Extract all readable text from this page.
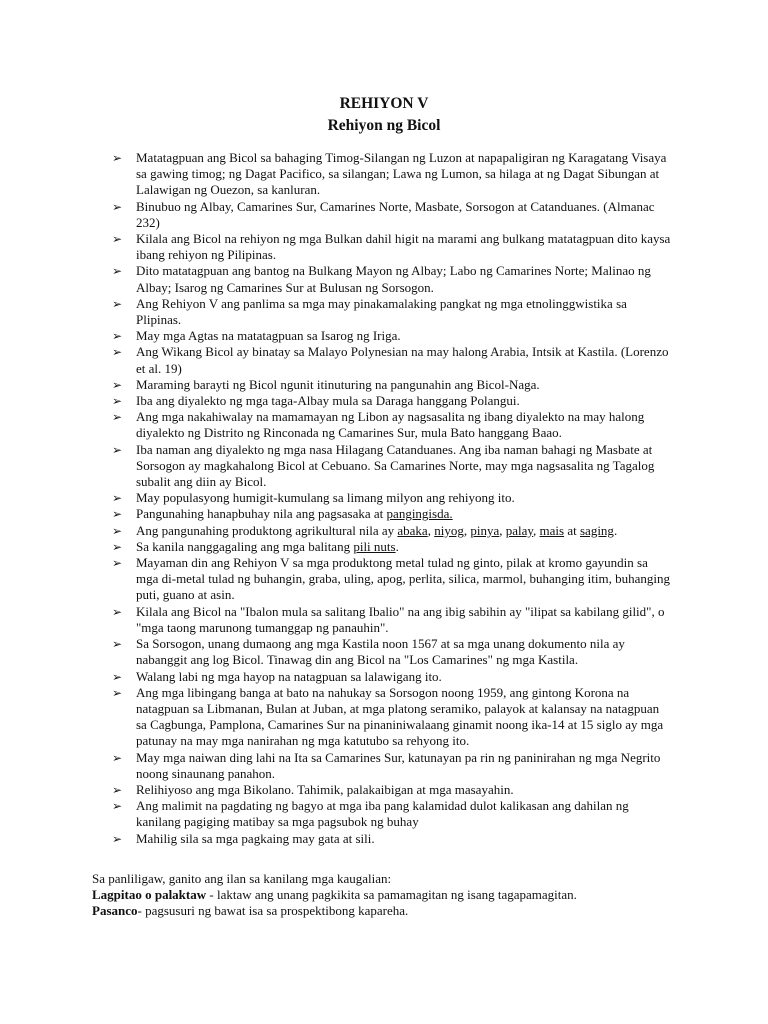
REHIYON V
Rehiyon ng Bicol
➢	Matatagpuan ang Bicol sa bahaging Timog-Silangan ng Luzon at napapaligiran ng Karagatang Visaya sa gawing timog; ng Dagat Pacifico, sa silangan; Lawa ng Lumon, sa hilaga at ng Dagat Sibungan at Lalawigan ng Ouezon, sa kanluran.
➢	Binubuo ng Albay, Camarines Sur, Camarines Norte, Masbate, Sorsogon at Catanduanes. (Almanac 232)
➢	Kilala ang Bicol na rehiyon ng mga Bulkan dahil higit na marami ang bulkang matatagpuan dito kaysa ibang rehiyon ng Pilipinas.
➢	Dito matatagpuan ang bantog na Bulkang Mayon ng Albay; Labo ng Camarines Norte; Malinao ng Albay; Isarog ng Camarines Sur at Bulusan ng Sorsogon.
➢	Ang Rehiyon V ang panlima sa mga may pinakamalaking pangkat ng mga etnolinggwistika sa Plipinas.
➢	May mga Agtas na matatagpuan sa Isarog ng Iriga.
➢	Ang Wikang Bicol ay binatay sa Malayo Polynesian na may halong Arabia, Intsik at Kastila. (Lorenzo et al. 19)
➢	Maraming barayti ng Bicol ngunit itinuturing na pangunahin ang Bicol-Naga.
➢	Iba ang diyalekto ng mga taga-Albay mula sa Daraga hanggang Polangui.
➢	Ang mga nakahiwalay na mamamayan ng Libon ay nagsasalita ng ibang diyalekto na may halong diyalekto ng Distrito ng Rinconada ng Camarines Sur, mula Bato hanggang Baao.
➢	Iba naman ang diyalekto ng mga nasa Hilagang Catanduanes. Ang iba naman bahagi ng Masbate at Sorsogon ay magkahalong Bicol at Cebuano. Sa Camarines Norte, may mga nagsasalita ng Tagalog subalit ang diin ay Bicol.
➢	May populasyong humigit-kumulang sa limang milyon ang rehiyong ito.
➢	Pangunahing hanapbuhay nila ang pagsasaka at pangingisda.
➢	Ang pangunahing produktong agrikultural nila ay abaka, niyog, pinya, palay, mais at saging.
➢	Sa kanila nanggagaling ang mga balitang pili nuts.
➢	Mayaman din ang Rehiyon V sa mga produktong metal tulad ng ginto, pilak at kromo gayundin sa mga di-metal tulad ng buhangin, graba, uling, apog, perlita, silica, marmol, buhanging itim, buhanging puti, guano at asin.
➢	Kilala ang Bicol na "Ibalon mula sa salitang Ibalio" na ang ibig sabihin ay "ilipat sa kabilang gilid", o "mga taong marunong tumanggap ng panauhin".
➢	Sa Sorsogon, unang dumaong ang mga Kastila noon 1567 at sa mga unang dokumento nila ay nabanggit ang log Bicol. Tinawag din ang Bicol na "Los Camarines" ng mga Kastila.
➢	Walang labi ng mga hayop na natagpuan sa lalawigang ito.
➢	Ang mga libingang banga at bato na nahukay sa Sorsogon noong 1959, ang gintong Korona na natagpuan sa Libmanan, Bulan at Juban, at mga platong seramiko, palayok at kalansay na natagpuan sa Cagbunga, Pamplona, Camarines Sur na pinaniniwalaang ginamit noong ika-14 at 15 siglo ay mga patunay na may mga nanirahan ng mga katutubo sa rehyong ito.
➢	May mga naiwan ding lahi na Ita sa Camarines Sur, katunayan pa rin ng paninirahan ng mga Negrito noong sinaunang panahon.
➢	Relihiyoso ang mga Bikolano. Tahimik, palakaibigan at mga masayahin.
➢	Ang malimit na pagdating ng bagyo at mga iba pang kalamidad dulot kalikasan ang dahilan ng kanilang pagiging matibay sa mga pagsubok ng buhay
➢	Mahilig sila sa mga pagkaing may gata at sili.
Sa panliligaw, ganito ang ilan sa kanilang mga kaugalian:
Lagpitao o palaktaw - laktaw ang unang pagkikita sa pamamagitan ng isang tagapamagitan.
Pasanco- pagsusuri ng bawat isa sa prospektibong kapareha.
